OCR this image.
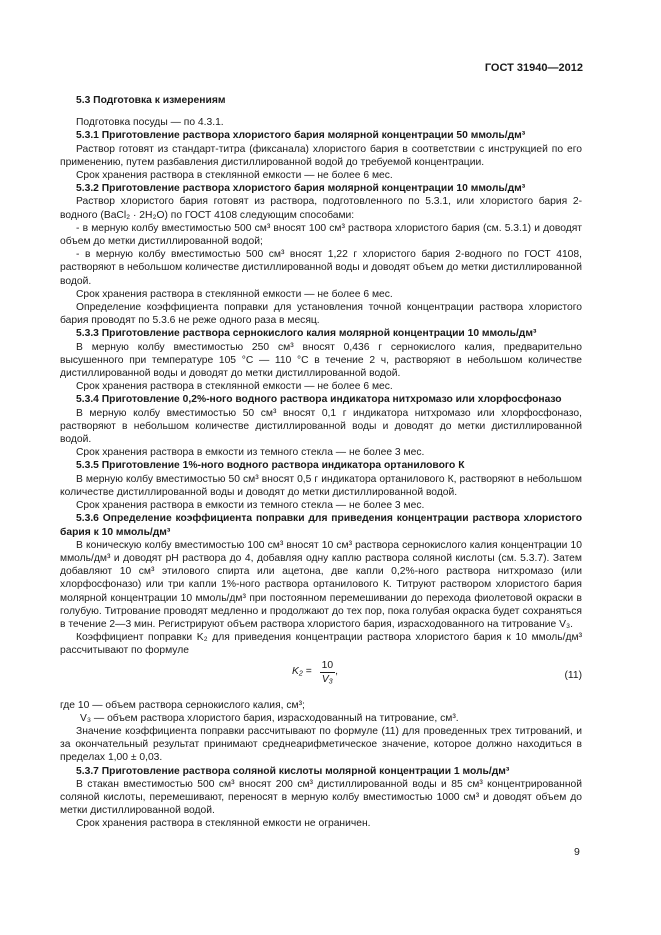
ГОСТ 31940—2012

5.3 Подготовка к измерениям

Подготовка посуды — по 4.3.1.

5.3.1 Приготовление раствора хлористого бария молярной концентрации 50 ммоль/дм³

Раствор готовят из стандарт-титра (фиксанала) хлористого бария в соответствии с инструкцией по его применению, путем разбавления дистиллированной водой до требуемой концентрации.

Срок хранения раствора в стеклянной емкости — не более 6 мес.

5.3.2 Приготовление раствора хлористого бария молярной концентрации 10 ммоль/дм³

Раствор хлористого бария готовят из раствора, подготовленного по 5.3.1, или хлористого бария 2-водного (BaCl₂ · 2H₂O) по ГОСТ 4108 следующим способами:

- в мерную колбу вместимостью 500 см³ вносят 100 см³ раствора хлористого бария (см. 5.3.1) и доводят объем до метки дистиллированной водой;

- в мерную колбу вместимостью 500 см³ вносят 1,22 г хлористого бария 2-водного по ГОСТ 4108, растворяют в небольшом количестве дистиллированной воды и доводят объем до метки дистиллированной водой.

Срок хранения раствора в стеклянной емкости — не более 6 мес.

Определение коэффициента поправки для установления точной концентрации раствора хлористого бария проводят по 5.3.6 не реже одного раза в месяц.

5.3.3 Приготовление раствора сернокислого калия молярной концентрации 10 ммоль/дм³

В мерную колбу вместимостью 250 см³ вносят 0,436 г сернокислого калия, предварительно высушенного при температуре 105 °С — 110 °С в течение 2 ч, растворяют в небольшом количестве дистиллированной воды и доводят до метки дистиллированной водой.

Срок хранения раствора в стеклянной емкости — не более 6 мес.

5.3.4 Приготовление 0,2%-ного водного раствора индикатора нитхромазо или хлорфосфоназо

В мерную колбу вместимостью 50 см³ вносят 0,1 г индикатора нитхромазо или хлорфосфоназо, растворяют в небольшом количестве дистиллированной воды и доводят до метки дистиллированной водой.

Срок хранения раствора в емкости из темного стекла — не более 3 мес.

5.3.5 Приготовление 1%-ного водного раствора индикатора ортанилового К

В мерную колбу вместимостью 50 см³ вносят 0,5 г индикатора ортанилового К, растворяют в небольшом количестве дистиллированной воды и доводят до метки дистиллированной водой.

Срок хранения раствора в емкости из темного стекла — не более 3 мес.

5.3.6 Определение коэффициента поправки для приведения концентрации раствора хлористого бария к 10 ммоль/дм³

В коническую колбу вместимостью 100 см³ вносят 10 см³ раствора сернокислого калия концентрации 10 ммоль/дм³ и доводят pH раствора до 4, добавляя одну каплю раствора соляной кислоты (см. 5.3.7). Затем добавляют 10 см³ этилового спирта или ацетона, две капли 0,2%-ного раствора нитхромазо (или хлорфосфоназо) или три капли 1%-ного раствора ортанилового К. Титруют раствором хлористого бария молярной концентрации 10 ммоль/дм³ при постоянном перемешивании до перехода фиолетовой окраски в голубую. Титрование проводят медленно и продолжают до тех пор, пока голубая окраска будет сохраняться в течение 2—3 мин. Регистрируют объем раствора хлористого бария, израсходованного на титрование V₃.

Коэффициент поправки K₂ для приведения концентрации раствора хлористого бария к 10 ммоль/дм³ рассчитывают по формуле

$K_2 = \frac{10}{\text{V₃}}$ ,	(11)

где 10 — объем раствора сернокислого калия, см³;

V₃ — объем раствора хлористого бария, израсходованный на титрование, см³.

Значение коэффициента поправки рассчитывают по формуле (11) для проведенных трех титрований, и за окончательный результат принимают среднеарифметическое значение, которое должно находиться в пределах 1,00 ± 0,03.

5.3.7 Приготовление раствора соляной кислоты молярной концентрации 1 моль/дм³

В стакан вместимостью 500 см³ вносят 200 см³ дистиллированной воды и 85 см³ концентрированной соляной кислоты, перемешивают, переносят в мерную колбу вместимостью 1000 см³ и доводят объем до метки дистиллированной водой.

Срок хранения раствора в стеклянной емкости не ограничен.

9
